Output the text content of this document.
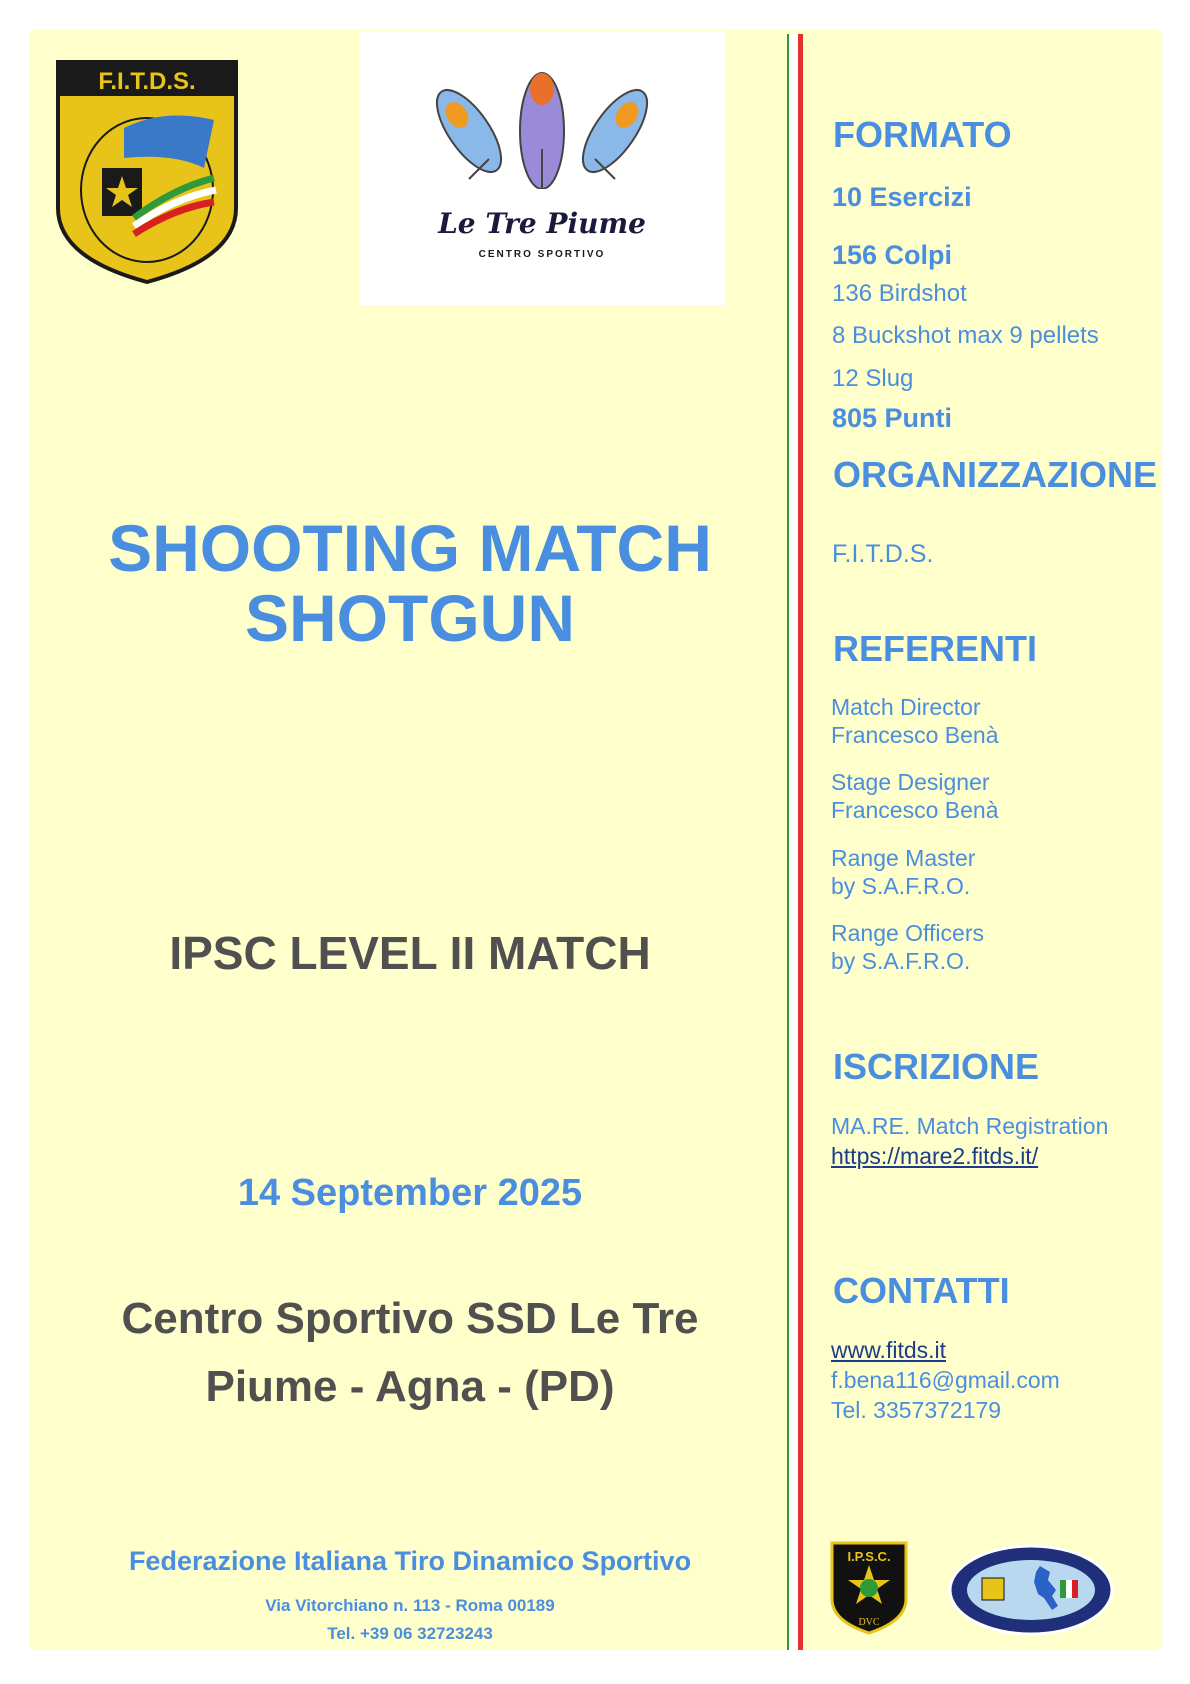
F.I.T.D.S.
Le Tre Piume
CENTRO SPORTIVO
SHOOTING MATCH
SHOTGUN
IPSC LEVEL II MATCH
14 September 2025
Centro Sportivo SSD Le Tre
Piume - Agna - (PD)
Federazione Italiana Tiro Dinamico Sportivo
Via Vitorchiano n. 113 - Roma 00189
Tel. +39 06 32723243
FORMATO
10 Esercizi
156 Colpi
136 Birdshot
8 Buckshot max 9 pellets
12 Slug
805 Punti
ORGANIZZAZIONE
F.I.T.D.S.
REFERENTI
Match Director
Francesco Benà
Stage Designer
Francesco Benà
Range Master
by S.A.F.R.O.
Range Officers
by S.A.F.R.O.
ISCRIZIONE
MA.RE. Match Registration
https://mare2.fitds.it/
CONTATTI
www.fitds.it
f.bena116@gmail.com
Tel. 3357372179
I.P.S.C.
DVC
